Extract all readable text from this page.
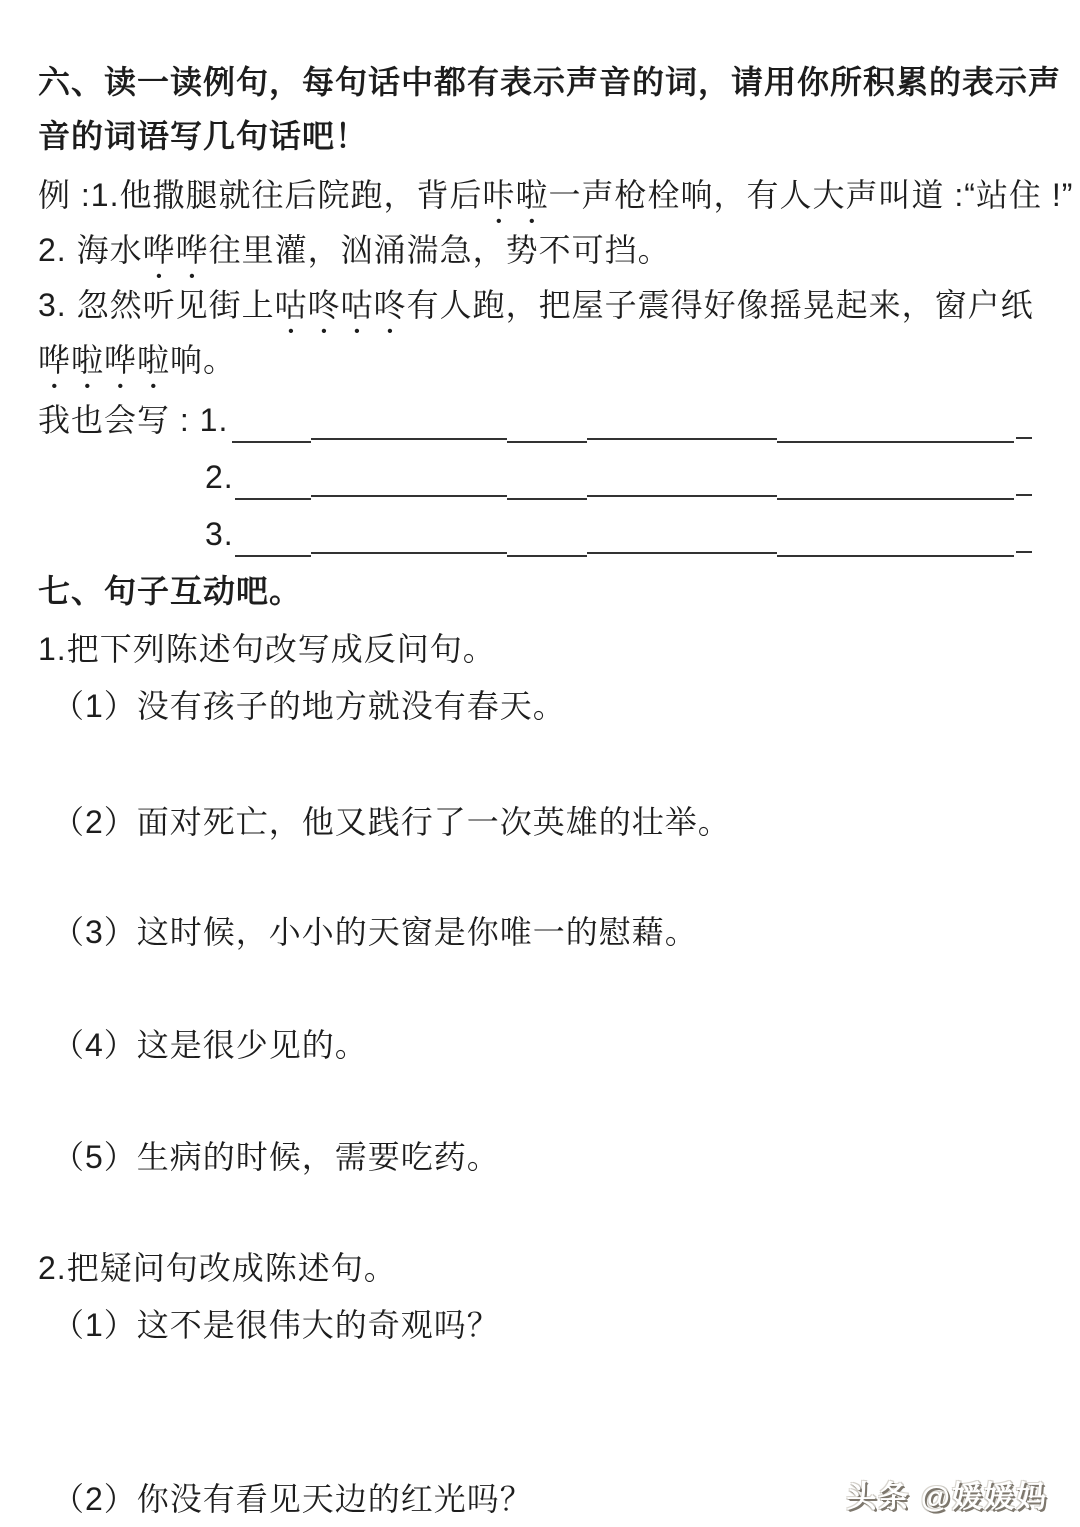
六、读一读例句，每句话中都有表示声音的词，请用你所积累的表示声
音的词语写几句话吧！
例 :1.他撒腿就往后院跑，背后咔啦一声枪栓响，有人大声叫道 :“站住 !”
2. 海水哗哗往里灌，汹涌湍急，势不可挡。
3. 忽然听见街上咕咚咕咚有人跑，把屋子震得好像摇晃起来，窗户纸
哗啦哗啦响。
我也会写 : 1.
2.
3.
七、句子互动吧。
1.把下列陈述句改写成反问句。
（1）没有孩子的地方就没有春天。
（2）面对死亡，他又践行了一次英雄的壮举。
（3）这时候，小小的天窗是你唯一的慰藉。
（4）这是很少见的。
（5）生病的时候，需要吃药。
2.把疑问句改成陈述句。
（1）这不是很伟大的奇观吗？
（2）你没有看见天边的红光吗？	头条 @媛媛妈
